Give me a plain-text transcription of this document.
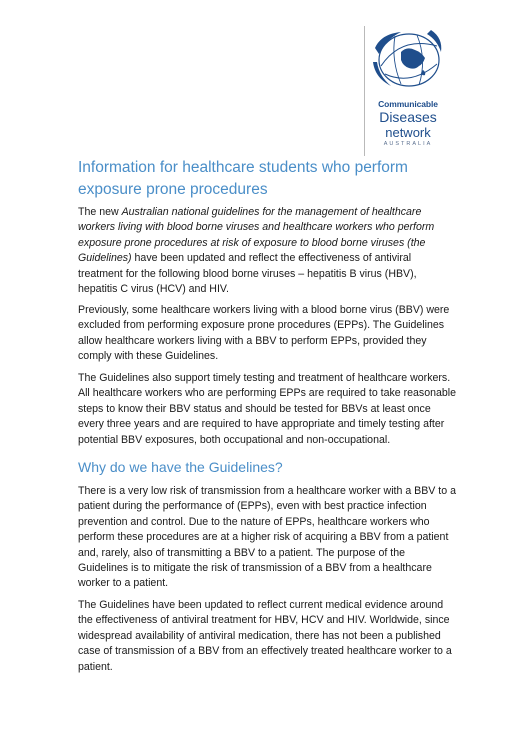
Communicable
Diseases
network
AUSTRALIA
Information for healthcare students who perform exposure prone procedures

The new Australian national guidelines for the management of healthcare workers living with blood borne viruses and healthcare workers who perform exposure prone procedures at risk of exposure to blood borne viruses (the Guidelines) have been updated and reflect the effectiveness of antiviral treatment for the following blood borne viruses – hepatitis B virus (HBV), hepatitis C virus (HCV) and HIV.

Previously, some healthcare workers living with a blood borne virus (BBV) were excluded from performing exposure prone procedures (EPPs). The Guidelines allow healthcare workers living with a BBV to perform EPPs, provided they comply with these Guidelines.

The Guidelines also support timely testing and treatment of healthcare workers. All healthcare workers who are performing EPPs are required to take reasonable steps to know their BBV status and should be tested for BBVs at least once every three years and are required to have appropriate and timely testing after potential BBV exposures, both occupational and non-occupational.

Why do we have the Guidelines?

There is a very low risk of transmission from a healthcare worker with a BBV to a patient during the performance of (EPPs), even with best practice infection prevention and control. Due to the nature of EPPs, healthcare workers who perform these procedures are at a higher risk of acquiring a BBV from a patient and, rarely, also of transmitting a BBV to a patient. The purpose of the Guidelines is to mitigate the risk of transmission of a BBV from a healthcare worker to a patient.

The Guidelines have been updated to reflect current medical evidence around the effectiveness of antiviral treatment for HBV, HCV and HIV. Worldwide, since widespread availability of antiviral medication, there has not been a published case of transmission of a BBV from an effectively treated healthcare worker to a patient.
